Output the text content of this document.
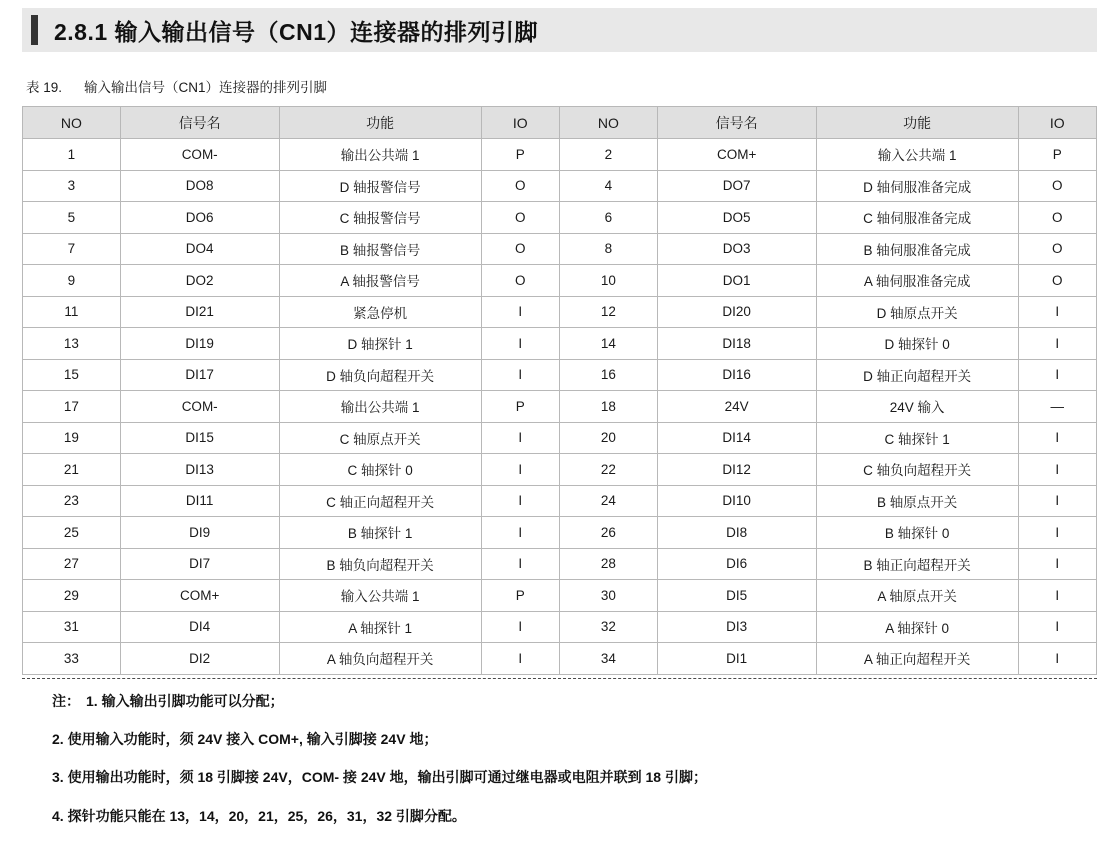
2.8.1 输入输出信号（CN1）连接器的排列引脚
表 19. 输入输出信号（CN1）连接器的排列引脚
NO	信号名	功能	IO	NO	信号名	功能	IO
1	COM-	输出公共端 1	P	2	COM+	输入公共端 1	P
3	DO8	D 轴报警信号	O	4	DO7	D 轴伺服准备完成	O
5	DO6	C 轴报警信号	O	6	DO5	C 轴伺服准备完成	O
7	DO4	B 轴报警信号	O	8	DO3	B 轴伺服准备完成	O
9	DO2	A 轴报警信号	O	10	DO1	A 轴伺服准备完成	O
11	DI21	紧急停机	I	12	DI20	D 轴原点开关	I
13	DI19	D 轴探针 1	I	14	DI18	D 轴探针 0	I
15	DI17	D 轴负向超程开关	I	16	DI16	D 轴正向超程开关	I
17	COM-	输出公共端 1	P	18	24V	24V 输入	—
19	DI15	C 轴原点开关	I	20	DI14	C 轴探针 1	I
21	DI13	C 轴探针 0	I	22	DI12	C 轴负向超程开关	I
23	DI11	C 轴正向超程开关	I	24	DI10	B 轴原点开关	I
25	DI9	B 轴探针 1	I	26	DI8	B 轴探针 0	I
27	DI7	B 轴负向超程开关	I	28	DI6	B 轴正向超程开关	I
29	COM+	输入公共端 1	P	30	DI5	A 轴原点开关	I
31	DI4	A 轴探针 1	I	32	DI3	A 轴探针 0	I
33	DI2	A 轴负向超程开关	I	34	DI1	A 轴正向超程开关	I
注： 1. 输入输出引脚功能可以分配；
2. 使用输入功能时，须 24V 接入 COM+, 输入引脚接 24V 地；
3. 使用输出功能时，须 18 引脚接 24V，COM- 接 24V 地，输出引脚可通过继电器或电阻并联到 18 引脚；
4. 探针功能只能在 13，14，20，21，25，26，31，32 引脚分配。
